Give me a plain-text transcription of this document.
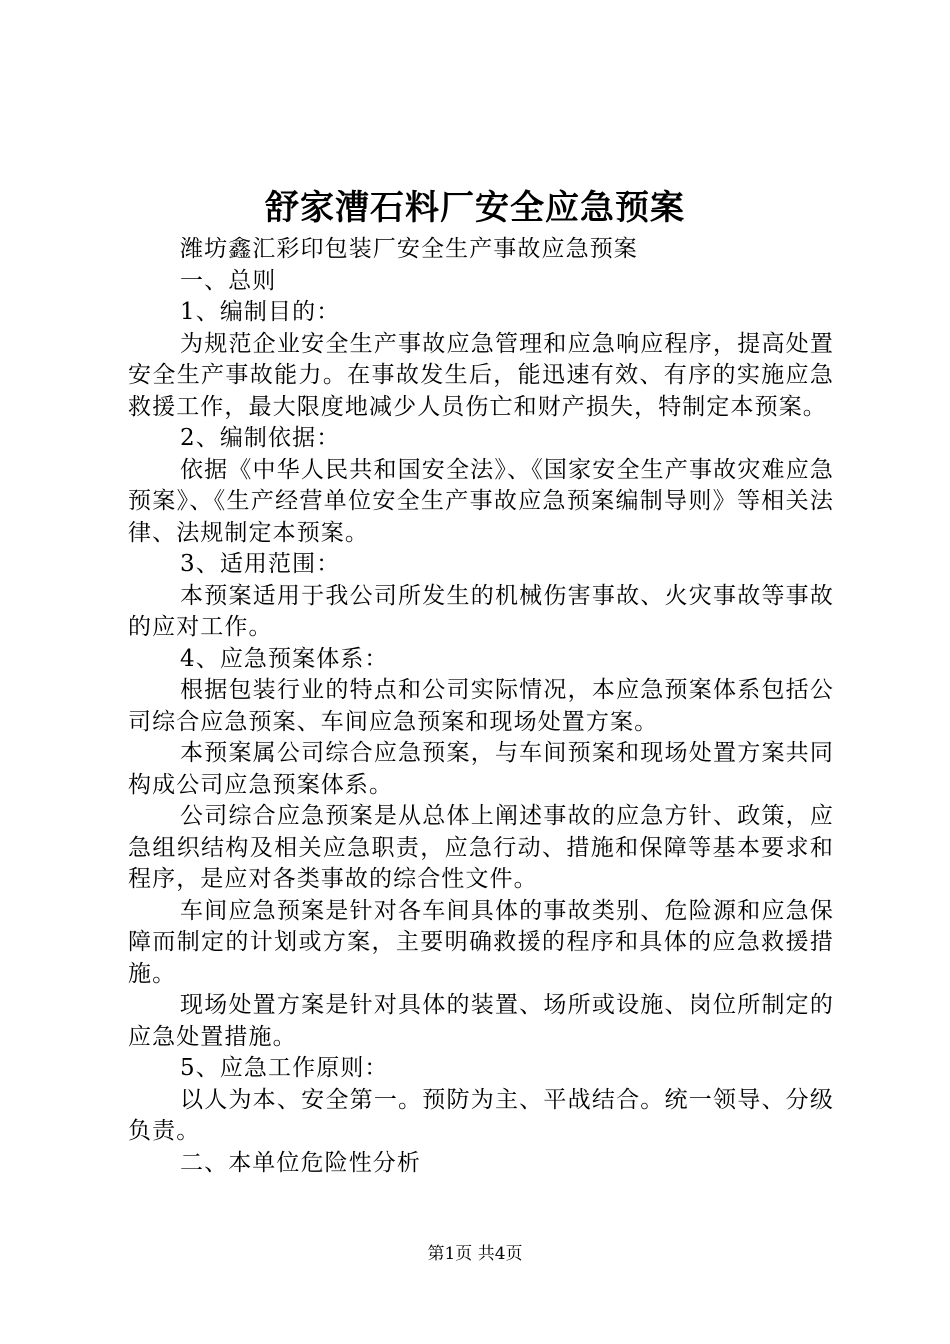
舒家漕石料厂安全应急预案

潍坊鑫汇彩印包装厂安全生产事故应急预案

一、总则

1、编制目的：

为规范企业安全生产事故应急管理和应急响应程序，提高处置安全生产事故能力。在事故发生后，能迅速有效、有序的实施应急救援工作，最大限度地减少人员伤亡和财产损失，特制定本预案。

2、编制依据：

依据《中华人民共和国安全法》、《国家安全生产事故灾难应急预案》、《生产经营单位安全生产事故应急预案编制导则》等相关法律、法规制定本预案。

3、适用范围：

本预案适用于我公司所发生的机械伤害事故、火灾事故等事故的应对工作。

4、应急预案体系：

根据包装行业的特点和公司实际情况，本应急预案体系包括公司综合应急预案、车间应急预案和现场处置方案。

本预案属公司综合应急预案，与车间预案和现场处置方案共同构成公司应急预案体系。

公司综合应急预案是从总体上阐述事故的应急方针、政策，应急组织结构及相关应急职责，应急行动、措施和保障等基本要求和程序，是应对各类事故的综合性文件。

车间应急预案是针对各车间具体的事故类别、危险源和应急保障而制定的计划或方案，主要明确救援的程序和具体的应急救援措施。

现场处置方案是针对具体的装置、场所或设施、岗位所制定的应急处置措施。

5、应急工作原则：

以人为本、安全第一。预防为主、平战结合。统一领导、分级负责。

二、本单位危险性分析

第1页 共4页
